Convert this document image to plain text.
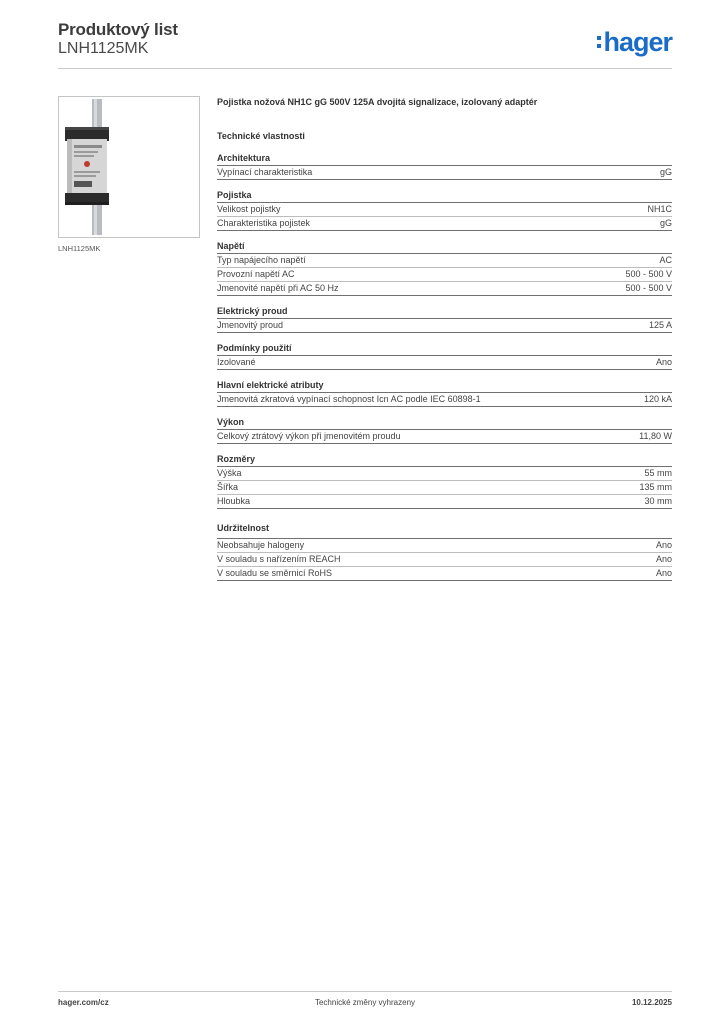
Produktový list
LNH1125MK	hager
LNH1125MK
Pojistka nožová NH1C gG 500V 125A dvojitá signalizace, izolovaný adaptér
Technické vlastnosti
Architektura
Vypínací charakteristika	gG
Pojistka
Velikost pojistky	NH1C
Charakteristika pojistek	gG
Napětí
Typ napájecího napětí	AC
Provozní napětí AC	500 - 500 V
Jmenovité napětí při AC 50 Hz	500 - 500 V
Elektrický proud
Jmenovitý proud	125 A
Podmínky použití
Izolované	Ano
Hlavní elektrické atributy
Jmenovitá zkratová vypínací schopnost Icn AC podle IEC 60898-1	120 kA
Výkon
Celkový ztrátový výkon při jmenovitém proudu	11,80 W
Rozměry
Výška	55 mm
Šířka	135 mm
Hloubka	30 mm
Udržitelnost
Neobsahuje halogeny	Ano
V souladu s nařízením REACH	Ano
V souladu se směrnicí RoHS	Ano
hager.com/cz	Technické změny vyhrazeny	10.12.2025
